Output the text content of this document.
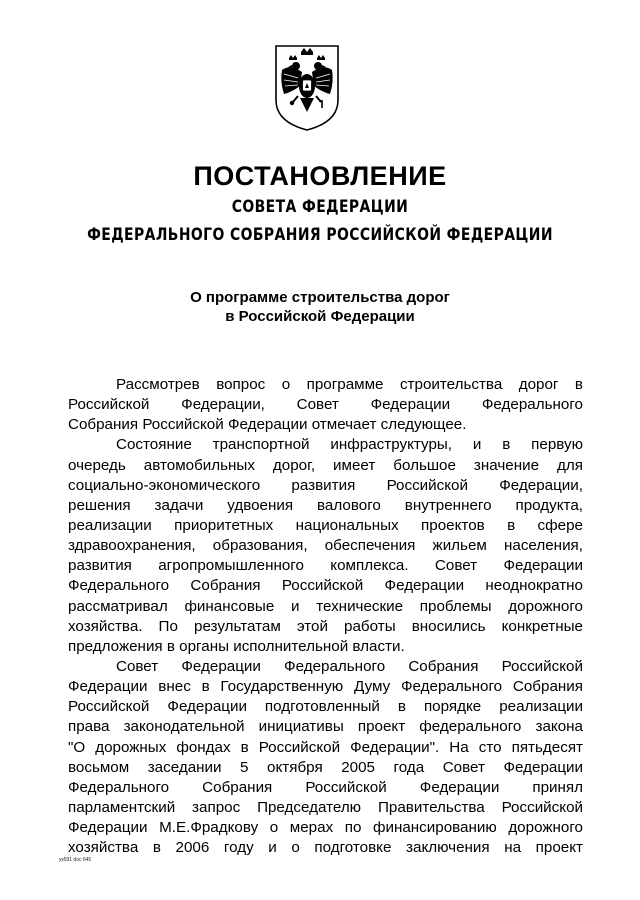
ПОСТАНОВЛЕНИЕ
СОВЕТА ФЕДЕРАЦИИ
ФЕДЕРАЛЬНОГО СОБРАНИЯ РОССИЙСКОЙ ФЕДЕРАЦИИ
О программе строительства дорог
в Российской Федерации
Рассмотрев вопрос о программе строительства дорог в
Российской Федерации, Совет Федерации Федерального
Собрания Российской Федерации отмечает следующее.
Состояние транспортной инфраструктуры, и в первую
очередь автомобильных дорог, имеет большое значение для
социально-экономического развития Российской Федерации,
решения задачи удвоения валового внутреннего продукта,
реализации приоритетных национальных проектов в сфере
здравоохранения, образования, обеспечения жильем населения,
развития агропромышленного комплекса. Совет Федерации
Федерального Собрания Российской Федерации неоднократно
рассматривал финансовые и технические проблемы дорожного
хозяйства. По результатам этой работы вносились конкретные
предложения в органы исполнительной власти.
Совет Федерации Федерального Собрания Российской
Федерации внес в Государственную Думу Федерального Собрания
Российской Федерации подготовленный в порядке реализации
права законодательной инициативы проект федерального закона
"О дорожных фондах в Российской Федерации". На сто пятьдесят
восьмом заседании 5 октября 2005 года Совет Федерации
Федерального Собрания Российской Федерации принял
парламентский запрос Председателю Правительства Российской
Федерации М.Е.Фрадкову о мерах по финансированию дорожного
хозяйства в 2006 году и о подготовке заключения на проект
ук591 doc 645
